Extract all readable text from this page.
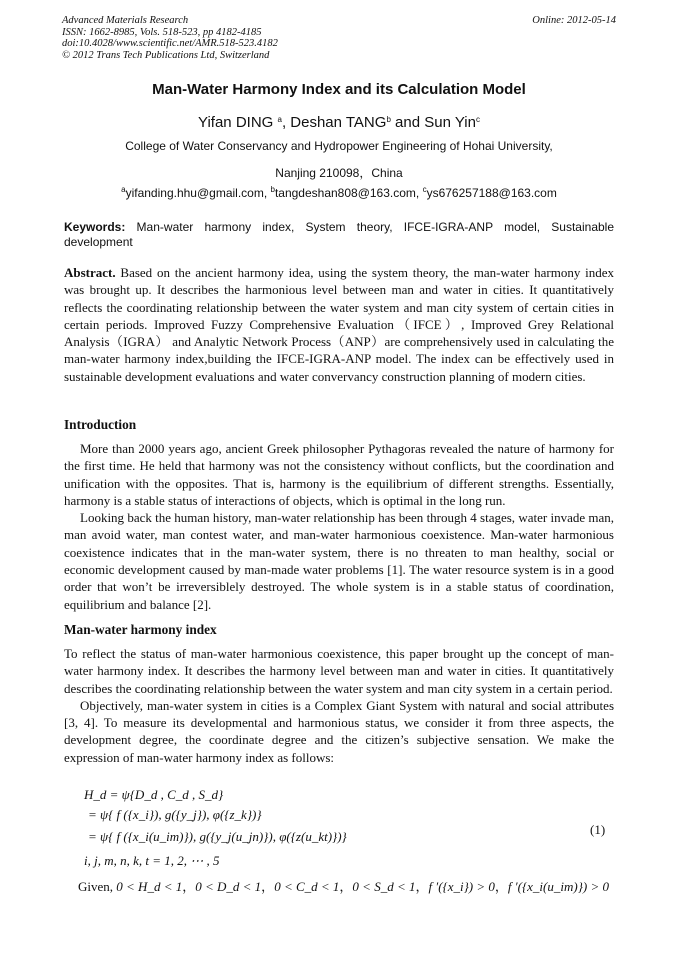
Advanced Materials Research
ISSN: 1662-8985, Vols. 518-523, pp 4182-4185
doi:10.4028/www.scientific.net/AMR.518-523.4182
© 2012 Trans Tech Publications Ltd, Switzerland
Online: 2012-05-14
Man-Water Harmony Index and its Calculation Model
Yifan DING $^a$, Deshan TANG$^b$ and Sun Yin$^c$
College of Water Conservancy and Hydropower Engineering of Hohai University,
Nanjing 210098，China
$^a$yifanding.hhu@gmail.com, $^b$tangdeshan808@163.com, $^c$ys676257188@163.com
Keywords: Man-water harmony index, System theory, IFCE-IGRA-ANP model, Sustainable development

Abstract. Based on the ancient harmony idea, using the system theory, the man-water harmony index was brought up. It describes the harmonious level between man and water in cities. It quantitatively reflects the coordinating relationship between the water system and man city system of certain cities in certain periods. Improved Fuzzy Comprehensive Evaluation（IFCE）, Improved Grey Relational Analysis（IGRA） and Analytic Network Process（ANP）are comprehensively used in calculating the man-water harmony index,building the IFCE-IGRA-ANP model. The index can be effectively used in sustainable development evaluations and water convervancy construction planning of modern cities.

Introduction

More than 2000 years ago, ancient Greek philosopher Pythagoras revealed the nature of harmony for the first time. He held that harmony was not the consistency without conflicts, but the coordination and unification with the opposites. That is, harmony is the equilibrium of different strengths. Essentially, harmony is a stable status of interactions of objects, which is optimal in the long run.

Looking back the human history, man-water relationship has been through 4 stages, water invade man, man avoid water, man contest water, and man-water harmonious coexistence. Man-water harmonious coexistence indicates that in the man-water system, there is no threaten to man healthy, social or economic development caused by man-made water problems [1]. The water resource system is in a good order that won’t be irreversiblely destroyed. The whole system is in a stable status of coordination, equilibrium and balance [2].

Man-water harmony index

To reflect the status of man-water harmonious coexistence, this paper brought up the concept of man-water harmony index. It describes the harmony level between man and water in cities. It quantitatively describes the coordinating relationship between the water system and man city system in a certain period.

Objectively, man-water system in cities is a Complex Giant System with natural and social attributes [3, 4]. To measure its developmental and harmonious status, we consider it from three aspects, the development degree, the coordinate degree and the citizen’s subjective sensation. We make the expression of man-water harmony index as follows:

H_d = ψ{D_d , C_d , S_d}
= ψ{ f ({x_i}), g({y_j}), φ({z_k})}
= ψ{ f ({x_i(u_im)}), g({y_j(u_jn)}), φ({z(u_kt)})}
i, j, m, n, k, t = 1, 2, ⋯ , 5
(1)
Given, 0 < H_d < 1，0 < D_d < 1，0 < C_d < 1，0 < S_d < 1，f ′({x_i}) > 0，f ′({x_i(u_im)}) > 0
